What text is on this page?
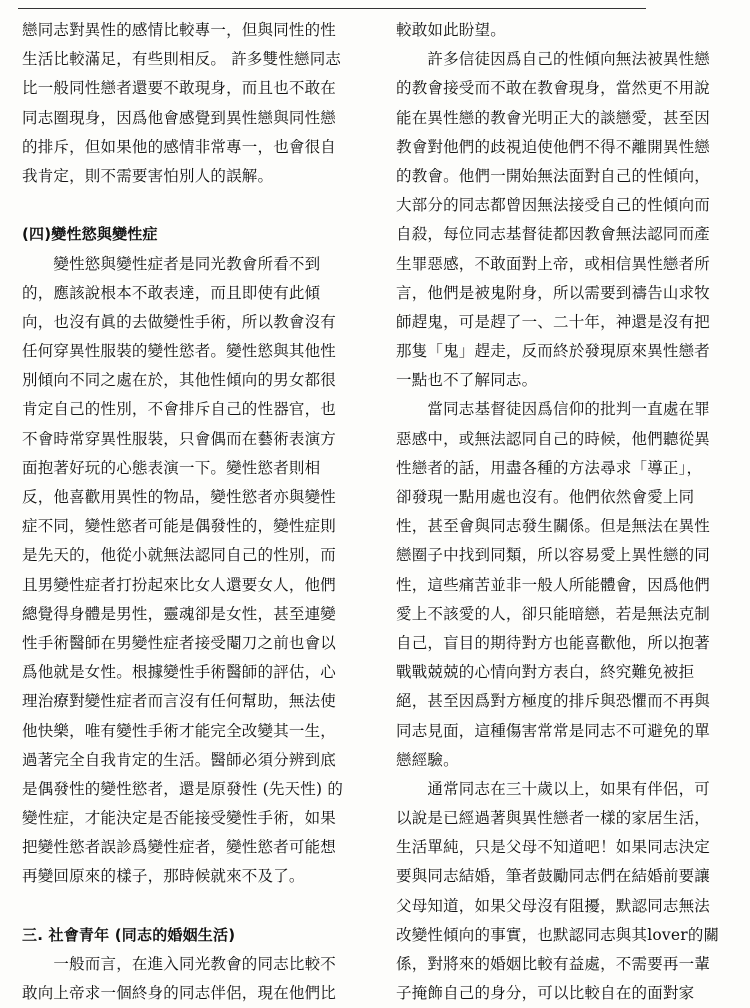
戀同志對異性的感情比較專一，但與同性的性
生活比較滿足，有些則相反。 許多雙性戀同志
比一般同性戀者還要不敢現身，而且也不敢在
同志圈現身，因爲他會感覺到異性戀與同性戀
的排斥，但如果他的感情非常專一，也會很自
我肯定，則不需要害怕別人的誤解。
(四)變性慾與變性症
　　變性慾與變性症者是同光教會所看不到
的，應該說根本不敢表達，而且即使有此傾
向，也沒有眞的去做變性手術，所以教會沒有
任何穿異性服裝的變性慾者。變性慾與其他性
別傾向不同之處在於，其他性傾向的男女都很
肯定自己的性別，不會排斥自己的性器官，也
不會時常穿異性服裝，只會偶而在藝術表演方
面抱著好玩的心態表演一下。變性慾者則相
反，他喜歡用異性的物品，變性慾者亦與變性
症不同，變性慾者可能是偶發性的，變性症則
是先天的，他從小就無法認同自己的性別，而
且男變性症者打扮起來比女人還要女人，他們
總覺得身體是男性，靈魂卻是女性，甚至連變
性手術醫師在男變性症者接受閹刀之前也會以
爲他就是女性。根據變性手術醫師的評估，心
理治療對變性症者而言沒有任何幫助，無法使
他快樂，唯有變性手術才能完全改變其一生，
過著完全自我肯定的生活。醫師必須分辨到底
是偶發性的變性慾者，還是原發性 (先天性) 的
變性症，才能決定是否能接受變性手術，如果
把變性慾者誤診爲變性症者，變性慾者可能想
再變回原來的樣子，那時候就來不及了。
三. 社會青年 (同志的婚姻生活)
　　一般而言，在進入同光教會的同志比較不
敢向上帝求一個終身的同志伴侶，現在他們比
較敢如此盼望。
　　許多信徒因爲自己的性傾向無法被異性戀
的教會接受而不敢在教會現身，當然更不用說
能在異性戀的教會光明正大的談戀愛，甚至因
教會對他們的歧視迫使他們不得不離開異性戀
的教會。他們一開始無法面對自己的性傾向，
大部分的同志都曾因無法接受自己的性傾向而
自殺，每位同志基督徒都因教會無法認同而產
生罪惡感，不敢面對上帝，或相信異性戀者所
言，他們是被鬼附身，所以需要到禱告山求牧
師趕鬼，可是趕了一、二十年，神還是沒有把
那隻「鬼」趕走，反而終於發現原來異性戀者
一點也不了解同志。
　　當同志基督徒因爲信仰的批判一直處在罪
惡感中，或無法認同自己的時候，他們聽從異
性戀者的話，用盡各種的方法尋求「導正」，
卻發現一點用處也沒有。他們依然會愛上同
性，甚至會與同志發生關係。但是無法在異性
戀圈子中找到同類，所以容易愛上異性戀的同
性，這些痛苦並非一般人所能體會，因爲他們
愛上不該愛的人，卻只能暗戀，若是無法克制
自己，盲目的期待對方也能喜歡他，所以抱著
戰戰兢兢的心情向對方表白，終究難免被拒
絕，甚至因爲對方極度的排斥與恐懼而不再與
同志見面，這種傷害常常是同志不可避免的單
戀經驗。
　　通常同志在三十歲以上，如果有伴侶，可
以說是已經過著與異性戀者一樣的家居生活，
生活單純，只是父母不知道吧！如果同志決定
要與同志結婚，筆者鼓勵同志們在結婚前要讓
父母知道，如果父母沒有阻擾，默認同志無法
改變性傾向的事實，也默認同志與其lover的關
係，對將來的婚姻比較有益處，不需要再一輩
子掩飾自己的身分，可以比較自在的面對家
